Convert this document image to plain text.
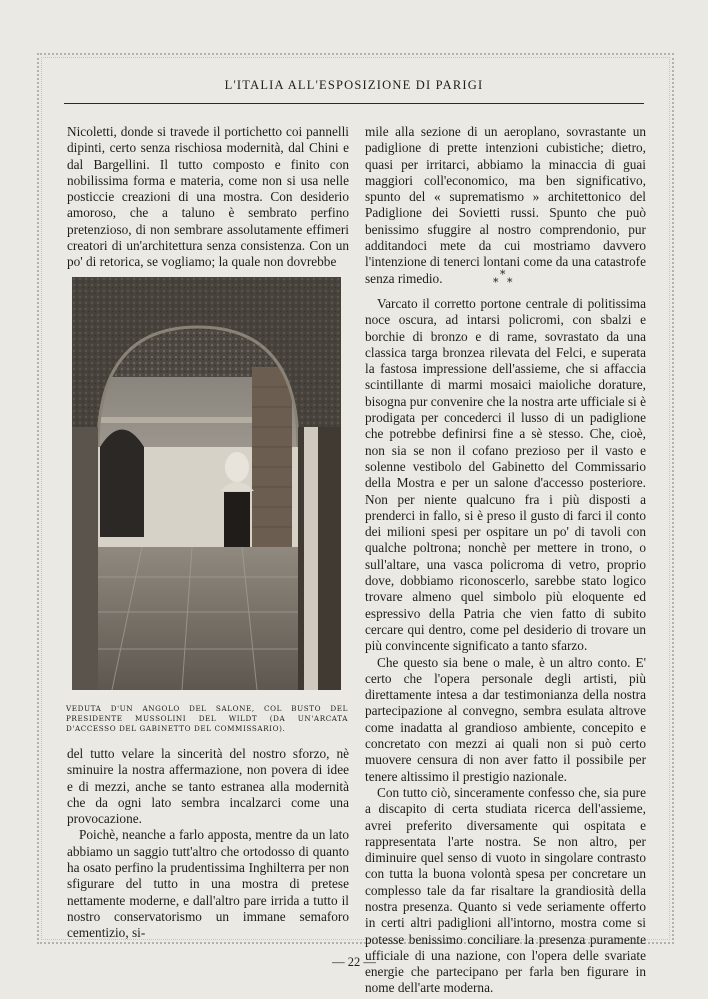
L'ITALIA ALL'ESPOSIZIONE DI PARIGI

Nicoletti, donde si travede il portichetto coi pannelli dipinti, certo senza rischiosa modernità, dal Chini e dal Bargellini. Il tutto composto e finito con nobilissima forma e materia, come non si usa nelle posticcie creazioni di una mostra. Con desiderio amoroso, che a taluno è sembrato perfino pretenzioso, di non sembrare assolutamente effimeri creatori di un'architettura senza consistenza. Con un po' di retorica, se vogliamo; la quale non dovrebbe

VEDUTA D'UN ANGOLO DEL SALONE, COL BUSTO DEL PRESIDENTE MUSSOLINI DEL WILDT (DA UN'ARCATA D'ACCESSO DEL GABINETTO DEL COMMISSARIO).

del tutto velare la sincerità del nostro sforzo, nè sminuire la nostra affermazione, non povera di idee e di mezzi, anche se tanto estranea alla modernità che da ogni lato sembra incalzarci come una provocazione.

Poichè, neanche a farlo apposta, mentre da un lato abbiamo un saggio tutt'altro che ortodosso di quanto ha osato perfino la prudentissima Inghilterra per non sfigurare del tutto in una mostra di pretese nettamente moderne, e dall'altro pare irrida a tutto il nostro conservatorismo un immane semaforo cementizio, si-

mile alla sezione di un aeroplano, sovrastante un padiglione di prette intenzioni cubistiche; dietro, quasi per irritarci, abbiamo la minaccia di guai maggiori coll'economico, ma ben significativo, spunto del « suprematismo » architettonico del Padiglione dei Sovietti russi. Spunto che può benissimo sfuggire al nostro comprendonio, pur additandoci mete da cui mostriamo davvero l'intenzione di tenerci lontani come da una catastrofe senza rimedio.	*
* *

Varcato il corretto portone centrale di politissima noce oscura, ad intarsi policromi, con sbalzi e borchie di bronzo e di rame, sovrastato da una classica targa bronzea rilevata del Felci, e superata la fastosa impressione dell'assieme, che si affaccia scintillante di marmi mosaici maioliche dorature, bisogna pur convenire che la nostra arte ufficiale si è prodigata per concederci il lusso di un padiglione che potrebbe definirsi fine a sè stesso. Che, cioè, non sia se non il cofano prezioso per il vasto e solenne vestibolo del Gabinetto del Commissario della Mostra e per un salone d'accesso posteriore. Non per niente qualcuno fra i più disposti a prenderci in fallo, si è preso il gusto di farci il conto dei milioni spesi per ospitare un po' di tavoli con qualche poltrona; nonchè per mettere in trono, o sull'altare, una vasca policroma di vetro, proprio dove, dobbiamo riconoscerlo, sarebbe stato logico trovare almeno quel simbolo più eloquente ed espressivo della Patria che vien fatto di subito cercare qui dentro, come pel desiderio di trovare un più convincente significato a tanto sfarzo.

Che questo sia bene o male, è un altro conto. E' certo che l'opera personale degli artisti, più direttamente intesa a dar testimonianza della nostra partecipazione al convegno, sembra esulata altrove come inadatta al grandioso ambiente, concepito e concretato con mezzi ai quali non si può certo muovere censura di non aver fatto il possibile per tenere altissimo il prestigio nazionale.

Con tutto ciò, sinceramente confesso che, sia pure a discapito di certa studiata ricerca dell'assieme, avrei preferito diversamente qui ospitata e rappresentata l'arte nostra. Se non altro, per diminuire quel senso di vuoto in singolare contrasto con tutta la buona volontà spesa per concretare un complesso tale da far risaltare la grandiosità della nostra presenza. Quanto si vede seriamente offerto in certi altri padiglioni all'intorno, mostra come si potesse benissimo conciliare la presenza puramente ufficiale di una nazione, con l'opera delle svariate energie che partecipano per farla ben figurare in nome dell'arte moderna.

— 22 —
